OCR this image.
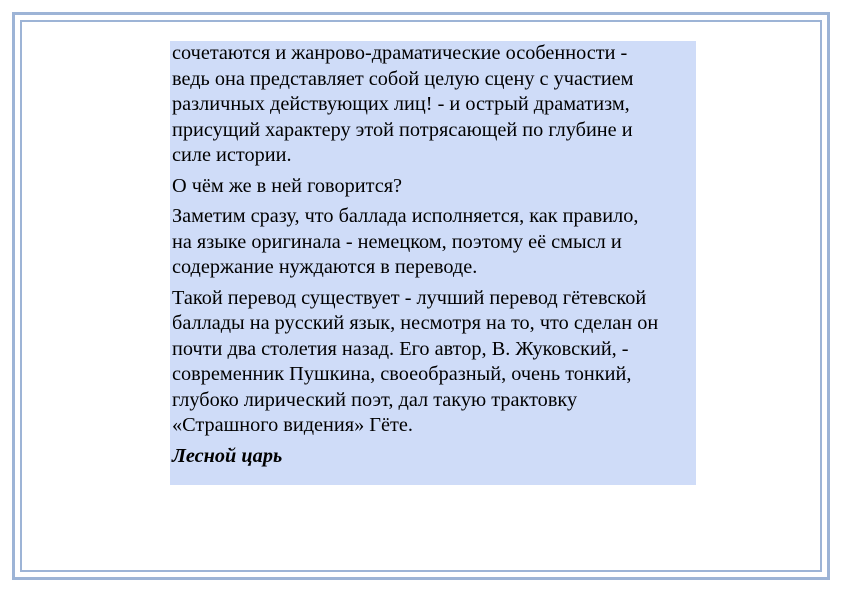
сочетаются и жанрово-драматические особенности -
ведь она представляет собой целую сцену с участием
различных действующих лиц! - и острый драматизм,
присущий характеру этой потрясающей по глубине и
силе истории.

О чём же в ней говорится?

Заметим сразу, что баллада исполняется, как правило,
на языке оригинала - немецком, поэтому её смысл и
содержание нуждаются в переводе.

Такой перевод существует - лучший перевод гётевской
баллады на русский язык, несмотря на то, что сделан он
почти два столетия назад. Его автор, В. Жуковский, -
современник Пушкина, своеобразный, очень тонкий,
глубоко лирический поэт, дал такую трактовку
«Страшного видения» Гёте.

Лесной царь
